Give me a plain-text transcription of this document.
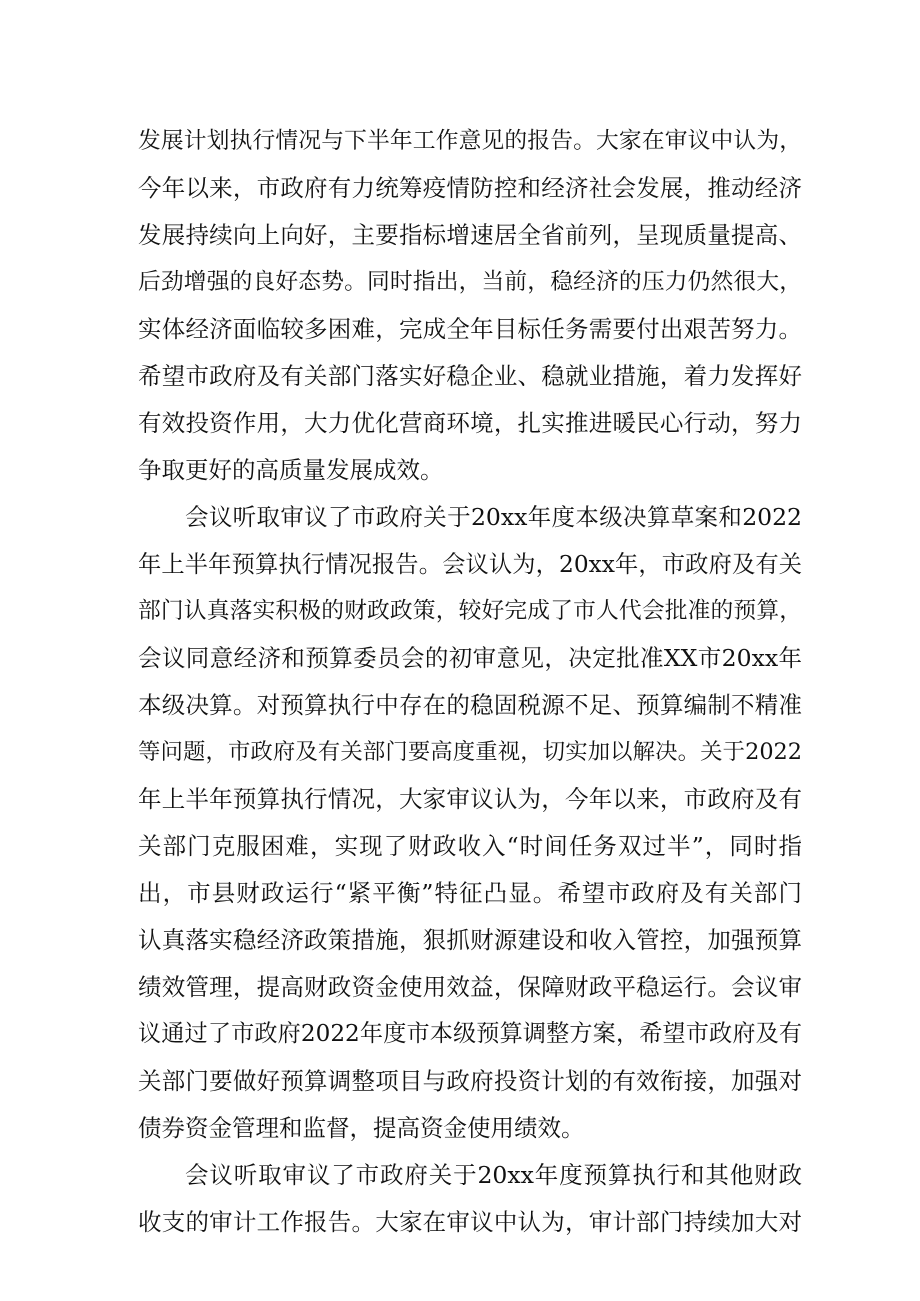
发展计划执行情况与下半年工作意见的报告。大家在审议中认为，
今年以来，市政府有力统筹疫情防控和经济社会发展，推动经济
发展持续向上向好，主要指标增速居全省前列，呈现质量提高、
后劲增强的良好态势。同时指出，当前，稳经济的压力仍然很大，
实体经济面临较多困难，完成全年目标任务需要付出艰苦努力。
希望市政府及有关部门落实好稳企业、稳就业措施，着力发挥好
有效投资作用，大力优化营商环境，扎实推进暖民心行动，努力
争取更好的高质量发展成效。
会议听取审议了市政府关于20xx年度本级决算草案和2022
年上半年预算执行情况报告。会议认为，20xx年，市政府及有关
部门认真落实积极的财政政策，较好完成了市人代会批准的预算，
会议同意经济和预算委员会的初审意见，决定批准XX市20xx年
本级决算。对预算执行中存在的稳固税源不足、预算编制不精准
等问题，市政府及有关部门要高度重视，切实加以解决。关于2022
年上半年预算执行情况，大家审议认为，今年以来，市政府及有
关部门克服困难，实现了财政收入“时间任务双过半”，同时指
出，市县财政运行“紧平衡”特征凸显。希望市政府及有关部门
认真落实稳经济政策措施，狠抓财源建设和收入管控，加强预算
绩效管理，提高财政资金使用效益，保障财政平稳运行。会议审
议通过了市政府2022年度市本级预算调整方案，希望市政府及有
关部门要做好预算调整项目与政府投资计划的有效衔接，加强对
债券资金管理和监督，提高资金使用绩效。
会议听取审议了市政府关于20xx年度预算执行和其他财政
收支的审计工作报告。大家在审议中认为，审计部门持续加大对
